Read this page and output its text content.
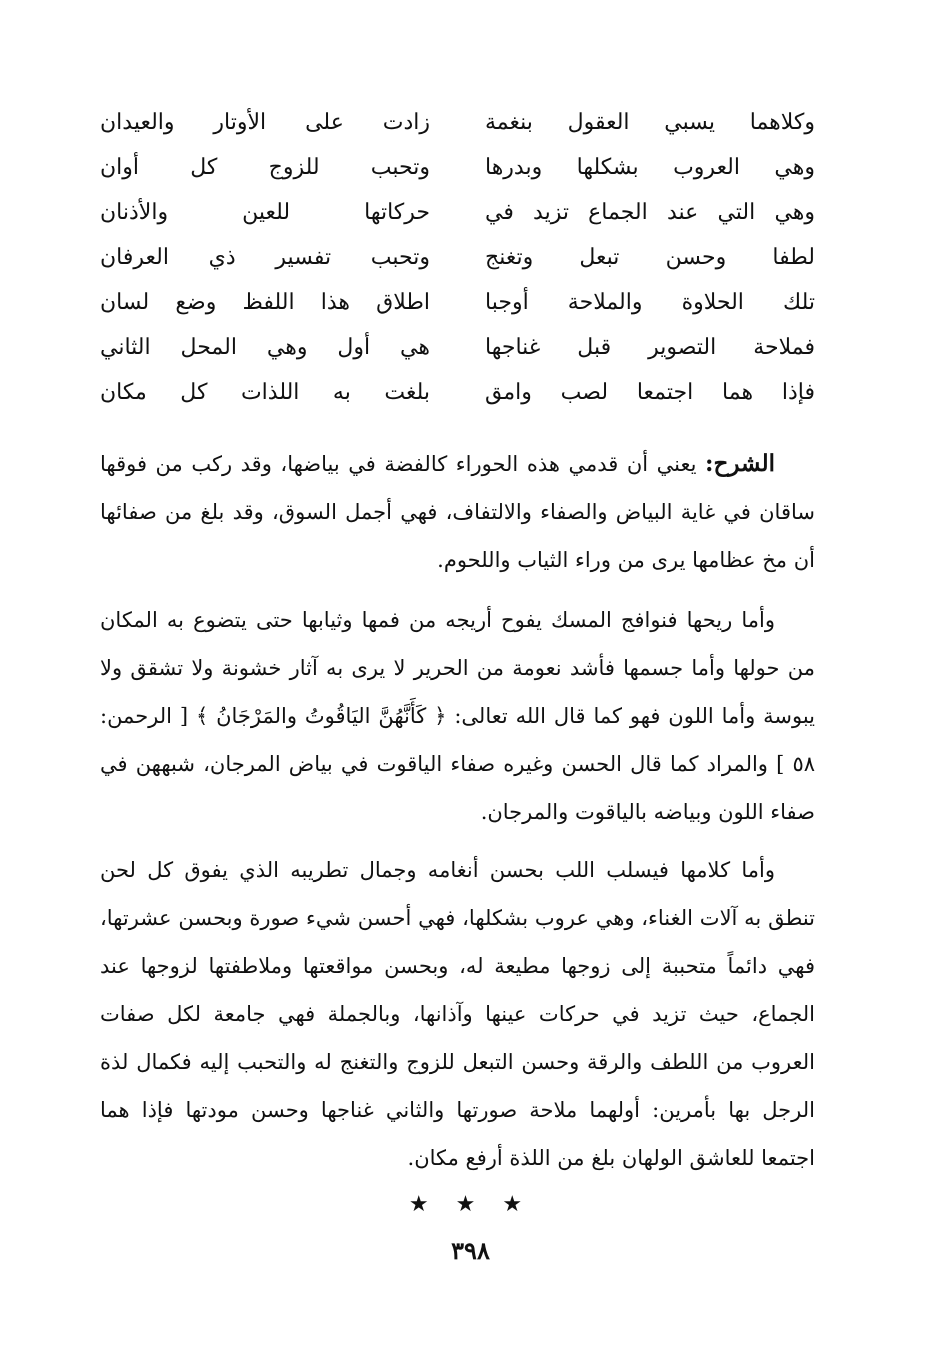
وكلاهما يسبي العقول بنغمة
وهي العروب بشكلها وبدرها
وهي التي عند الجماع تزيد في
لطفا وحسن تبعل وتغنج
تلك الحلاوة والملاحة أوجبا
فملاحة التصوير قبل غناجها
فإذا هما اجتمعا لصب وامق
زادت على الأوتار والعيدان
وتحبب للزوج كل أوان
حركاتها للعين والأذنان
وتحبب تفسير ذي العرفان
اطلاق هذا اللفظ وضع لسان
هي أول وهي المحل الثاني
بلغت به اللذات كل مكان
الشرح: يعني أن قدمي هذه الحوراء كالفضة في بياضها، وقد ركب من فوقها ساقان في غاية البياض والصفاء والالتفاف، فهي أجمل السوق، وقد بلغ من صفائها أن مخ عظامها يرى من وراء الثياب واللحوم.
وأما ريحها فنوافج المسك يفوح أريجه من فمها وثيابها حتى يتضوع به المكان من حولها وأما جسمها فأشد نعومة من الحرير لا يرى به آثار خشونة ولا تشقق ولا يبوسة وأما اللون فهو كما قال الله تعالى: ﴿ كَأَنَّهُنَّ اليَاقُوتُ والمَرْجَانُ ﴾ [ الرحمن: ٥٨ ] والمراد كما قال الحسن وغيره صفاء الياقوت في بياض المرجان، شبههن في صفاء اللون وبياضه بالياقوت والمرجان.
وأما كلامها فيسلب اللب بحسن أنغامه وجمال تطريبه الذي يفوق كل لحن تنطق به آلات الغناء، وهي عروب بشكلها، فهي أحسن شيء صورة وبحسن عشرتها، فهي دائماً متحببة إلى زوجها مطيعة له، وبحسن مواقعتها وملاطفتها لزوجها عند الجماع، حيث تزيد في حركات عينها وآذانها، وبالجملة فهي جامعة لكل صفات العروب من اللطف والرقة وحسن التبعل للزوج والتغنج له والتحبب إليه فكمال لذة الرجل بها بأمرين: أولهما ملاحة صورتها والثاني غناجها وحسن مودتها فإذا هما اجتمعا للعاشق الولهان بلغ من اللذة أرفع مكان.
★ ★ ★
٣٩٨
